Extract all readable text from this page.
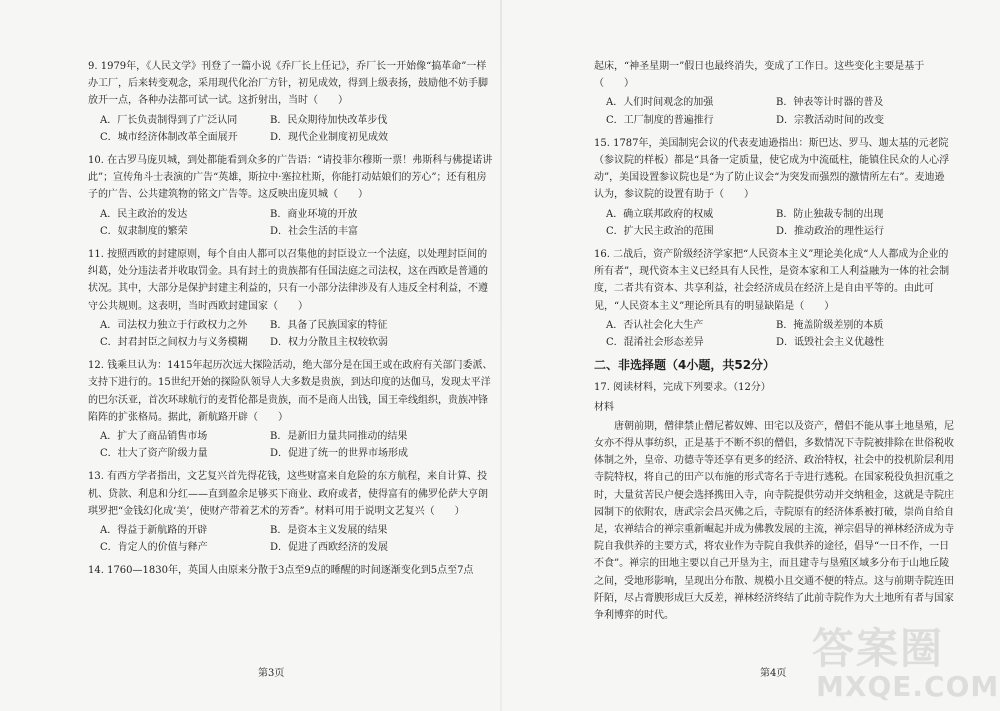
9. 1979年，《人民文学》刊登了一篇小说《乔厂长上任记》，乔厂长一开始像“搞革命”一样办工厂，后来转变观念，采用现代化治厂方针，初见成效，得到上级表扬，鼓励他不妨手脚放开一点，各种办法都可试一试。这折射出，当时（　　）
A．厂长负责制得到了广泛认同	B．民众期待加快改革步伐
C．城市经济体制改革全面展开	D．现代企业制度初见成效
10. 在古罗马庞贝城，到处都能看到众多的广告语：“请投菲尔穆斯一票！弗斯科与佛提诺讲此”；宣传角斗士表演的广告“英雄，斯拉中·塞拉杜斯，你能打动姑娘们的芳心”；还有租房子的广告、公共建筑物的铭文广告等。这反映出庞贝城（　　）
A．民主政治的发达	B．商业环境的开放
C．奴隶制度的繁荣	D．社会生活的丰富
11. 按照西欧的封建原则，每个自由人都可以召集他的封臣设立一个法庭，以处理封臣间的纠葛，处分违法者并收取罚金。具有封土的贵族都有任国法庭之司法权，这在西欧是普通的状况。其中，大部分是保护封建主利益的，只有一小部分法律涉及有人违反全村利益，不遵守公共规则。这表明，当时西欧封建国家（　　）
A．司法权力独立于行政权力之外	B．具备了民族国家的特征
C．封君封臣之间权力与义务模糊	D．权力分散且主权较软弱
12. 钱乘旦认为：1415年起历次远大探险活动，绝大部分是在国王或在政府有关部门委派、支持下进行的。15世纪开始的探险队领导人大多数是贵族，到达印度的达伽马，发现太平洋的巴尔沃亚，首次环球航行的麦哲伦都是贵族，而不是商人出钱，国王牵线组织，贵族冲锋陷阵的扩张格局。据此，新航路开辟（　　）
A．扩大了商品销售市场	B．是新旧力量共同推动的结果
C．壮大了资产阶级力量	D．促进了统一的世界市场形成
13. 有西方学者指出，文艺复兴首先得花钱，这些财富来自危险的东方航程，来自计算、投机、贷款、利息和分红——直到盈余足够买下商业、政府或者，使得富有的佛罗伦萨大亨朗琪罗把“金钱幻化成‘美’，使财产带着艺术的芳香”。材料可用于说明文艺复兴（　　）
A．得益于新航路的开辟	B．是资本主义发展的结果
C．肯定人的价值与释产	D．促进了西欧经济的发展
14. 1760—1830年，英国人由原来分散于3点至9点的睡醒的时间逐渐变化到5点至7点
起床，“神圣星期一”假日也最终消失，变成了工作日。这些变化主要是基于（　　）
A．人们时间观念的加强	B．钟表等计时器的普及
C．工厂制度的普遍推行	D．宗教活动时间的改变
15. 1787年，美国制宪会议的代表麦迪逊指出：斯巴达、罗马、迦太基的元老院（参议院的样板）都是“具备一定质量，使它成为中流砥柱，能镇住民众的人心浮动”，美国设置参议院也是“为了防止议会“为突发而强烈的激情所左右”。麦迪逊认为，参议院的设置有助于（　　）
A．确立联邦政府的权威	B．防止独裁专制的出现
C．扩大民主政治的范围	D．推动政治的理性运行
16. 二战后，资产阶级经济学家把“人民资本主义”理论美化成“人人都成为企业的所有者”，现代资本主义已经具有人民性，是资本家和工人利益融为一体的社会制度，二者共有资本、共享利益，社会经济成员在经济上是自由平等的。由此可见，“人民资本主义”理论所具有的明显缺陷是（　　）
A．否认社会化大生产	B．掩盖阶级差别的本质
C．混淆社会形态差异	D．诋毁社会主义优越性
二、非选择题（4小题，共52分）
17. 阅读材料，完成下列要求。（12分）
材料
唐朝前期，僧律禁止僧尼蓄奴婢、田宅以及资产，僧侣不能从事土地垦殖，尼女亦不得从事纺织，正是基于不断不织的僧侣，多数情况下寺院被排除在世俗税收体制之外，皇帝、功德寺等还享有更多的经济、政治特权，社会中的投机阶层利用寺院特权，将自己的田产以布施的形式寄名于寺进行逃税。在国家税役负担沉重之时，大量贫苦民户便会选择携田入寺，向寺院提供劳动并交纳租金，这就是寺院庄园制下的依附农，唐武宗会昌灭佛之后，寺院原有的经济体系被打破，崇尚自给自足，农禅结合的禅宗重新崛起并成为佛教发展的主流，禅宗倡导的禅林经济成为寺院自我供养的主要方式，将农业作为寺院自我供养的途径，倡导“一日不作，一日不食”。禅宗的田地主要以自己开垦为主，而且建寺与垦殖区域多分布于山地丘陵之间，受地形影响，呈现出分布散、规模小且交通不便的特点。这与前期寺院连田阡陌，尽占膏腴形成巨大反差，禅林经济终结了此前寺院作为大土地所有者与国家争利博弈的时代。
第3页	第4页
答案圈
MXQE.COM
